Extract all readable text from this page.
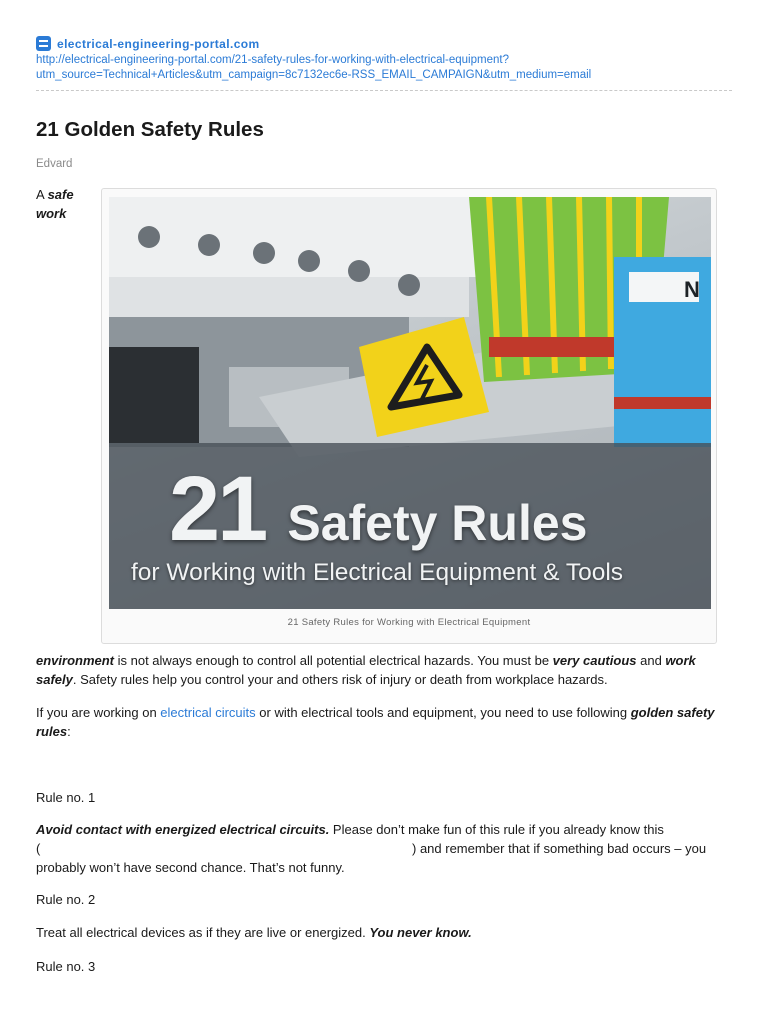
electrical-engineering-portal.com
http://electrical-engineering-portal.com/21-safety-rules-for-working-with-electrical-equipment?
utm_source=Technical+Articles&utm_campaign=8c7132ec6e-RSS_EMAIL_CAMPAIGN&utm_medium=email
21 Golden Safety Rules
Edvard
A safe work
N
21 Safety Rules
for Working with Electrical Equipment & Tools
21 Safety Rules for Working with Electrical Equipment

environment is not always enough to control all potential electrical hazards. You must be very cautious and work safely. Safety rules help you control your and others risk of injury or death from workplace hazards.

If you are working on electrical circuits or with electrical tools and equipment, you need to use following golden safety rules:

Rule no. 1
Avoid contact with energized electrical circuits. Please don’t make fun of this rule if you already know this
(	) and remember that if something bad occurs – you
probably won’t have second chance. That’s not funny.
Rule no. 2
Treat all electrical devices as if they are live or energized. You never know.
Rule no. 3
